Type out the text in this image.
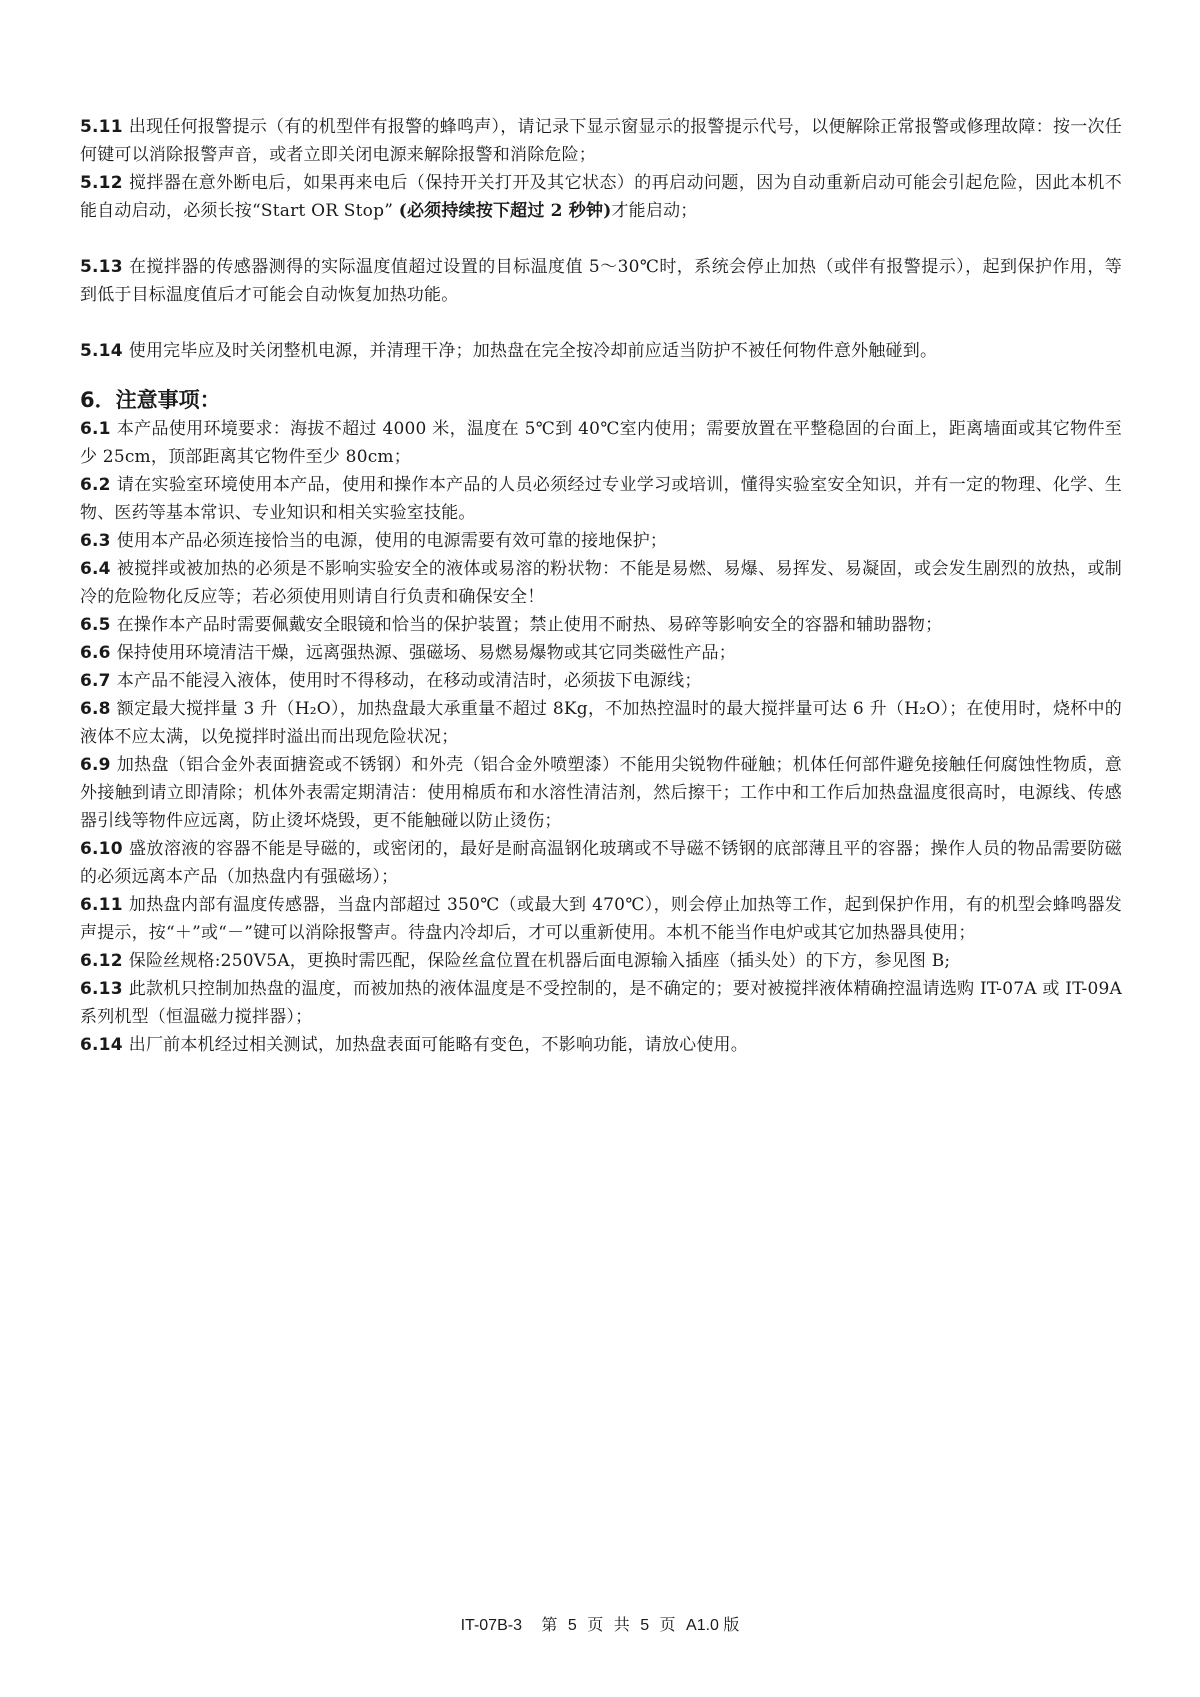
5.11 出现任何报警提示（有的机型伴有报警的蜂鸣声），请记录下显示窗显示的报警提示代号，以便解除正常报警或修理故障：按一次任何键可以消除报警声音，或者立即关闭电源来解除报警和消除危险；

5.12 搅拌器在意外断电后，如果再来电后（保持开关打开及其它状态）的再启动问题，因为自动重新启动可能会引起危险，因此本机不能自动启动，必须长按“Start OR Stop” (必须持续按下超过 2 秒钟)才能启动；

5.13 在搅拌器的传感器测得的实际温度值超过设置的目标温度值 5～30℃时，系统会停止加热（或伴有报警提示），起到保护作用，等到低于目标温度值后才可能会自动恢复加热功能。

5.14 使用完毕应及时关闭整机电源，并清理干净；加热盘在完全按冷却前应适当防护不被任何物件意外触碰到。

6．注意事项：

6.1 本产品使用环境要求：海拔不超过 4000 米，温度在 5℃到 40℃室内使用；需要放置在平整稳固的台面上，距离墙面或其它物件至少 25cm，顶部距离其它物件至少 80cm；

6.2 请在实验室环境使用本产品，使用和操作本产品的人员必须经过专业学习或培训，懂得实验室安全知识，并有一定的物理、化学、生物、医药等基本常识、专业知识和相关实验室技能。

6.3 使用本产品必须连接恰当的电源，使用的电源需要有效可靠的接地保护；

6.4 被搅拌或被加热的必须是不影响实验安全的液体或易溶的粉状物：不能是易燃、易爆、易挥发、易凝固，或会发生剧烈的放热，或制冷的危险物化反应等；若必须使用则请自行负责和确保安全！

6.5 在操作本产品时需要佩戴安全眼镜和恰当的保护装置；禁止使用不耐热、易碎等影响安全的容器和辅助器物；

6.6 保持使用环境清洁干燥，远离强热源、强磁场、易燃易爆物或其它同类磁性产品；

6.7 本产品不能浸入液体，使用时不得移动，在移动或清洁时，必须拔下电源线；

6.8 额定最大搅拌量 3 升（H₂O），加热盘最大承重量不超过 8Kg，不加热控温时的最大搅拌量可达 6 升（H₂O）；在使用时，烧杯中的液体不应太满，以免搅拌时溢出而出现危险状况；

6.9 加热盘（铝合金外表面搪瓷或不锈钢）和外壳（铝合金外喷塑漆）不能用尖锐物件碰触；机体任何部件避免接触任何腐蚀性物质，意外接触到请立即清除；机体外表需定期清洁：使用棉质布和水溶性清洁剂，然后擦干；工作中和工作后加热盘温度很高时，电源线、传感器引线等物件应远离，防止烫坏烧毁，更不能触碰以防止烫伤；

6.10 盛放溶液的容器不能是导磁的，或密闭的，最好是耐高温钢化玻璃或不导磁不锈钢的底部薄且平的容器；操作人员的物品需要防磁的必须远离本产品（加热盘内有强磁场）；

6.11 加热盘内部有温度传感器，当盘内部超过 350℃（或最大到 470℃），则会停止加热等工作，起到保护作用，有的机型会蜂鸣器发声提示，按“＋”或“－”键可以消除报警声。待盘内冷却后，才可以重新使用。本机不能当作电炉或其它加热器具使用；

6.12 保险丝规格:250V5A，更换时需匹配，保险丝盒位置在机器后面电源输入插座（插头处）的下方，参见图 B;

6.13 此款机只控制加热盘的温度，而被加热的液体温度是不受控制的，是不确定的；要对被搅拌液体精确控温请选购 IT-07A 或 IT-09A 系列机型（恒温磁力搅拌器）；

6.14 出厂前本机经过相关测试，加热盘表面可能略有变色，不影响功能，请放心使用。

IT-07B-3 第 5 页 共 5 页 A1.0 版
